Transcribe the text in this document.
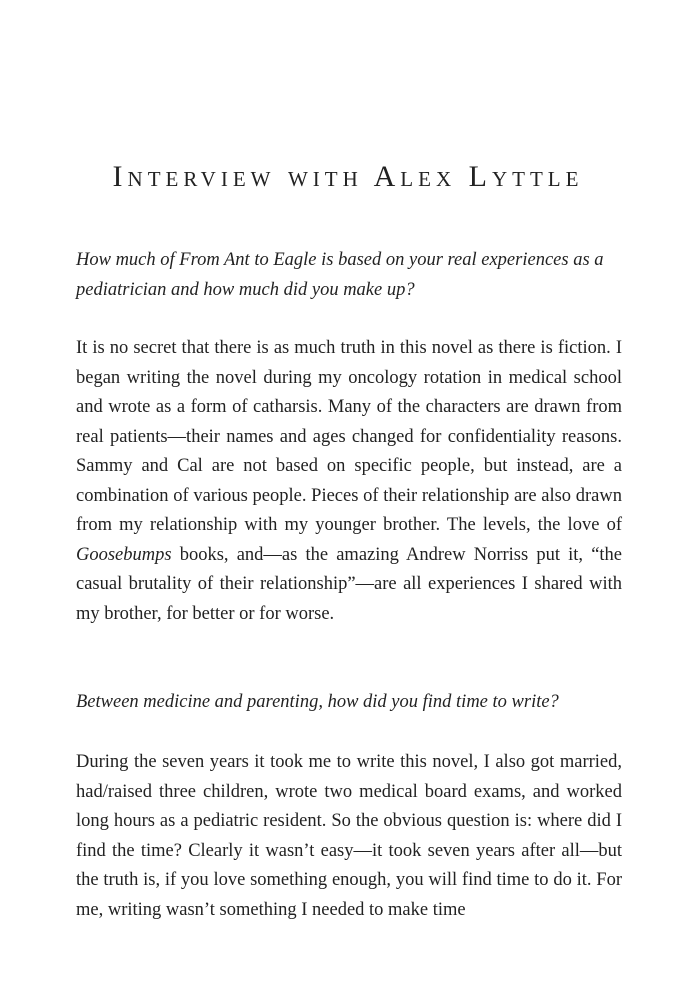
Interview with Alex Lyttle

How much of From Ant to Eagle is based on your real experiences as a pediatrician and how much did you make up?

It is no secret that there is as much truth in this novel as there is fiction. I began writing the novel during my oncology rotation in medical school and wrote as a form of catharsis. Many of the characters are drawn from real patients—their names and ages changed for confidentiality reasons. Sammy and Cal are not based on specific people, but instead, are a combination of various people. Pieces of their relationship are also drawn from my relationship with my younger brother. The levels, the love of Goosebumps books, and—as the amazing Andrew Norriss put it, “the casual brutality of their relationship”—are all experiences I shared with my brother, for better or for worse.

Between medicine and parenting, how did you find time to write?

During the seven years it took me to write this novel, I also got married, had/raised three children, wrote two medical board exams, and worked long hours as a pediatric resident. So the obvious question is: where did I find the time? Clearly it wasn’t easy—it took seven years after all—but the truth is, if you love something enough, you will find time to do it. For me, writing wasn’t something I needed to make time
